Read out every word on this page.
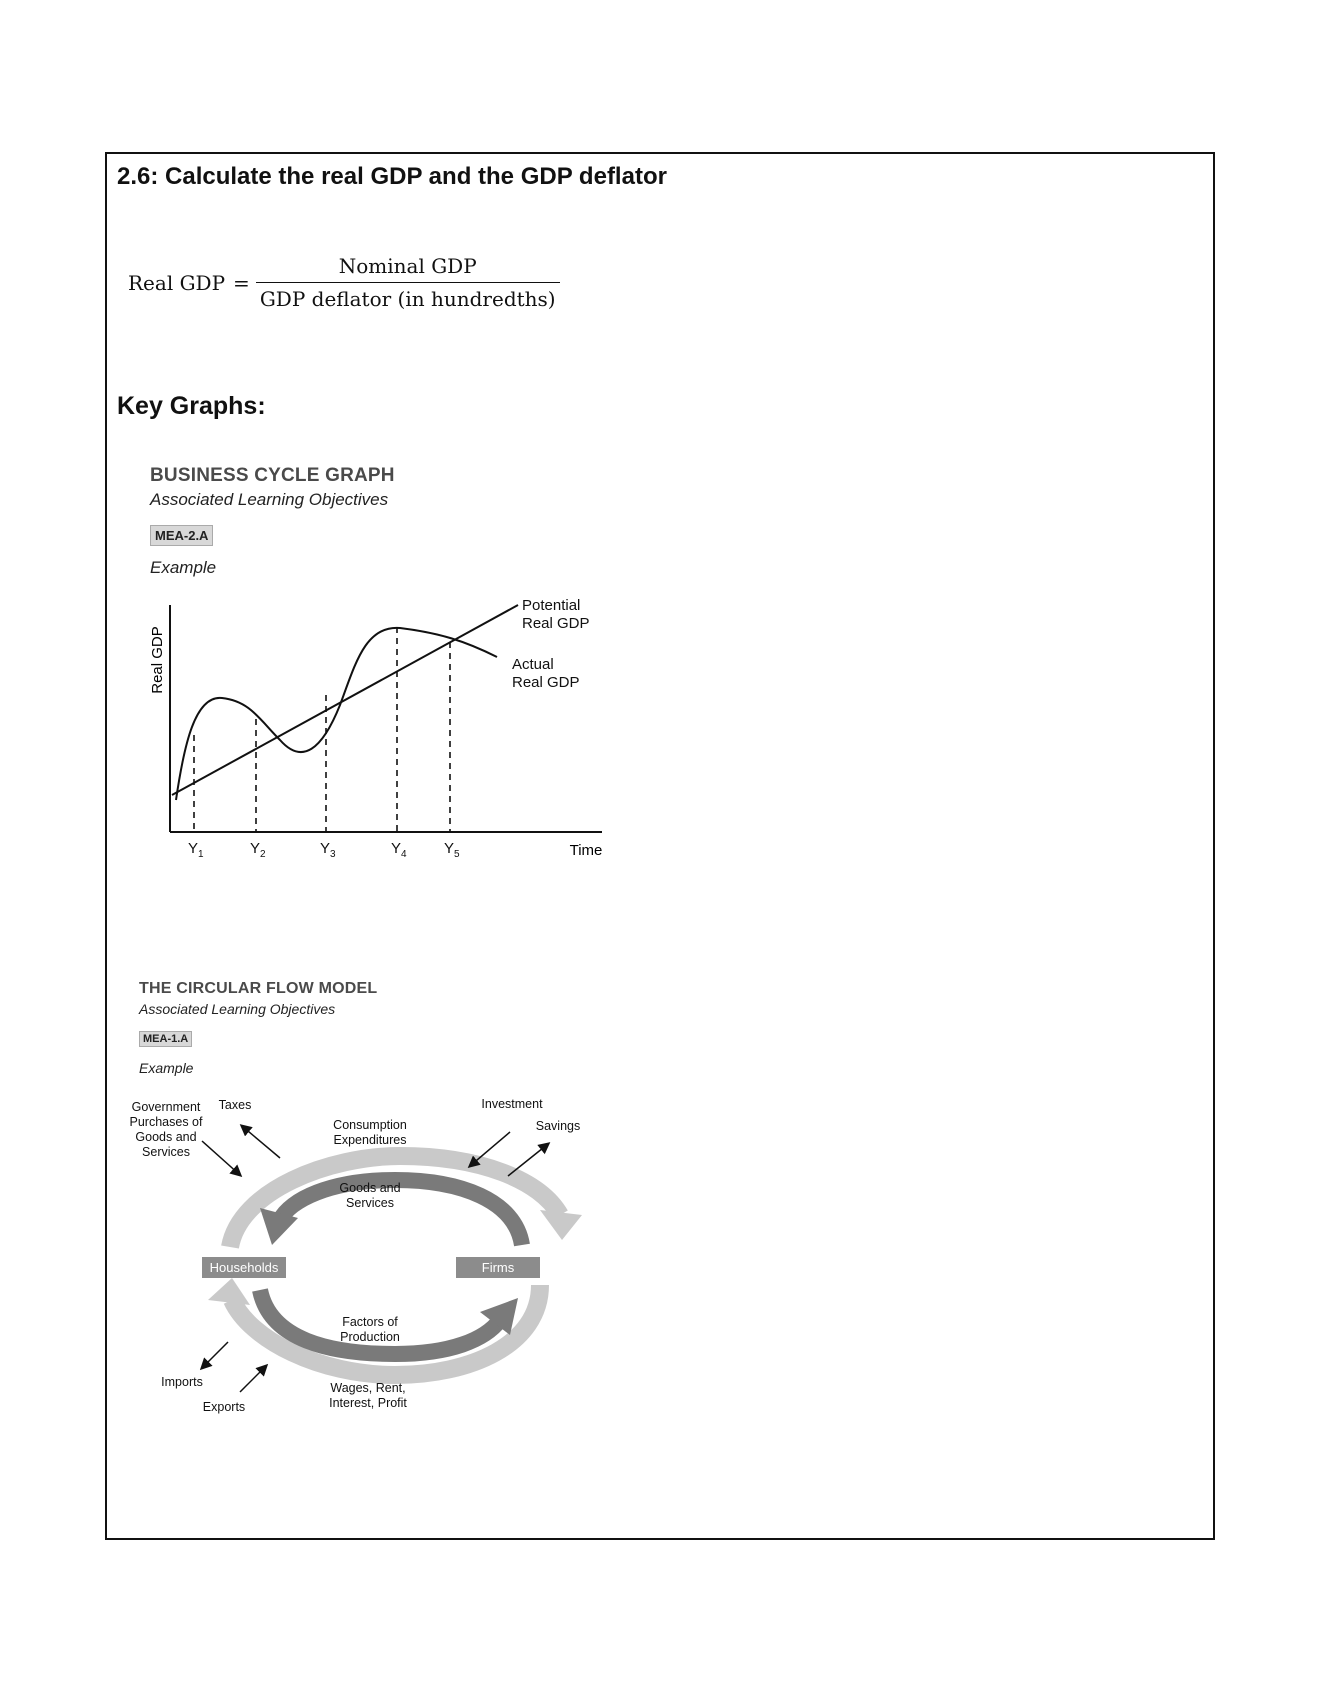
2.6: Calculate the real GDP and the GDP deflator
Real GDP = $\frac{\text{Nominal GDP}}{\text{GDP deflator (in hundredths)}}$
Key Graphs:
BUSINESS CYCLE GRAPH
Associated Learning Objectives
MEA-2.A
Example
Real GDP
Time
$Y_1$	$Y_2$	$Y_3$	$Y_4$ $Y_5$
Potential
Real GDP
Actual
Real GDP
THE CIRCULAR FLOW MODEL
Associated Learning Objectives
MEA-1.A
Example
Households	Firms
Government
Purchases of
Goods and
Services
Taxes
Consumption
Expenditures
Goods and
Services
Investment
Savings
Factors of
Production
Imports
Exports
Wages, Rent,
Interest, Profit
